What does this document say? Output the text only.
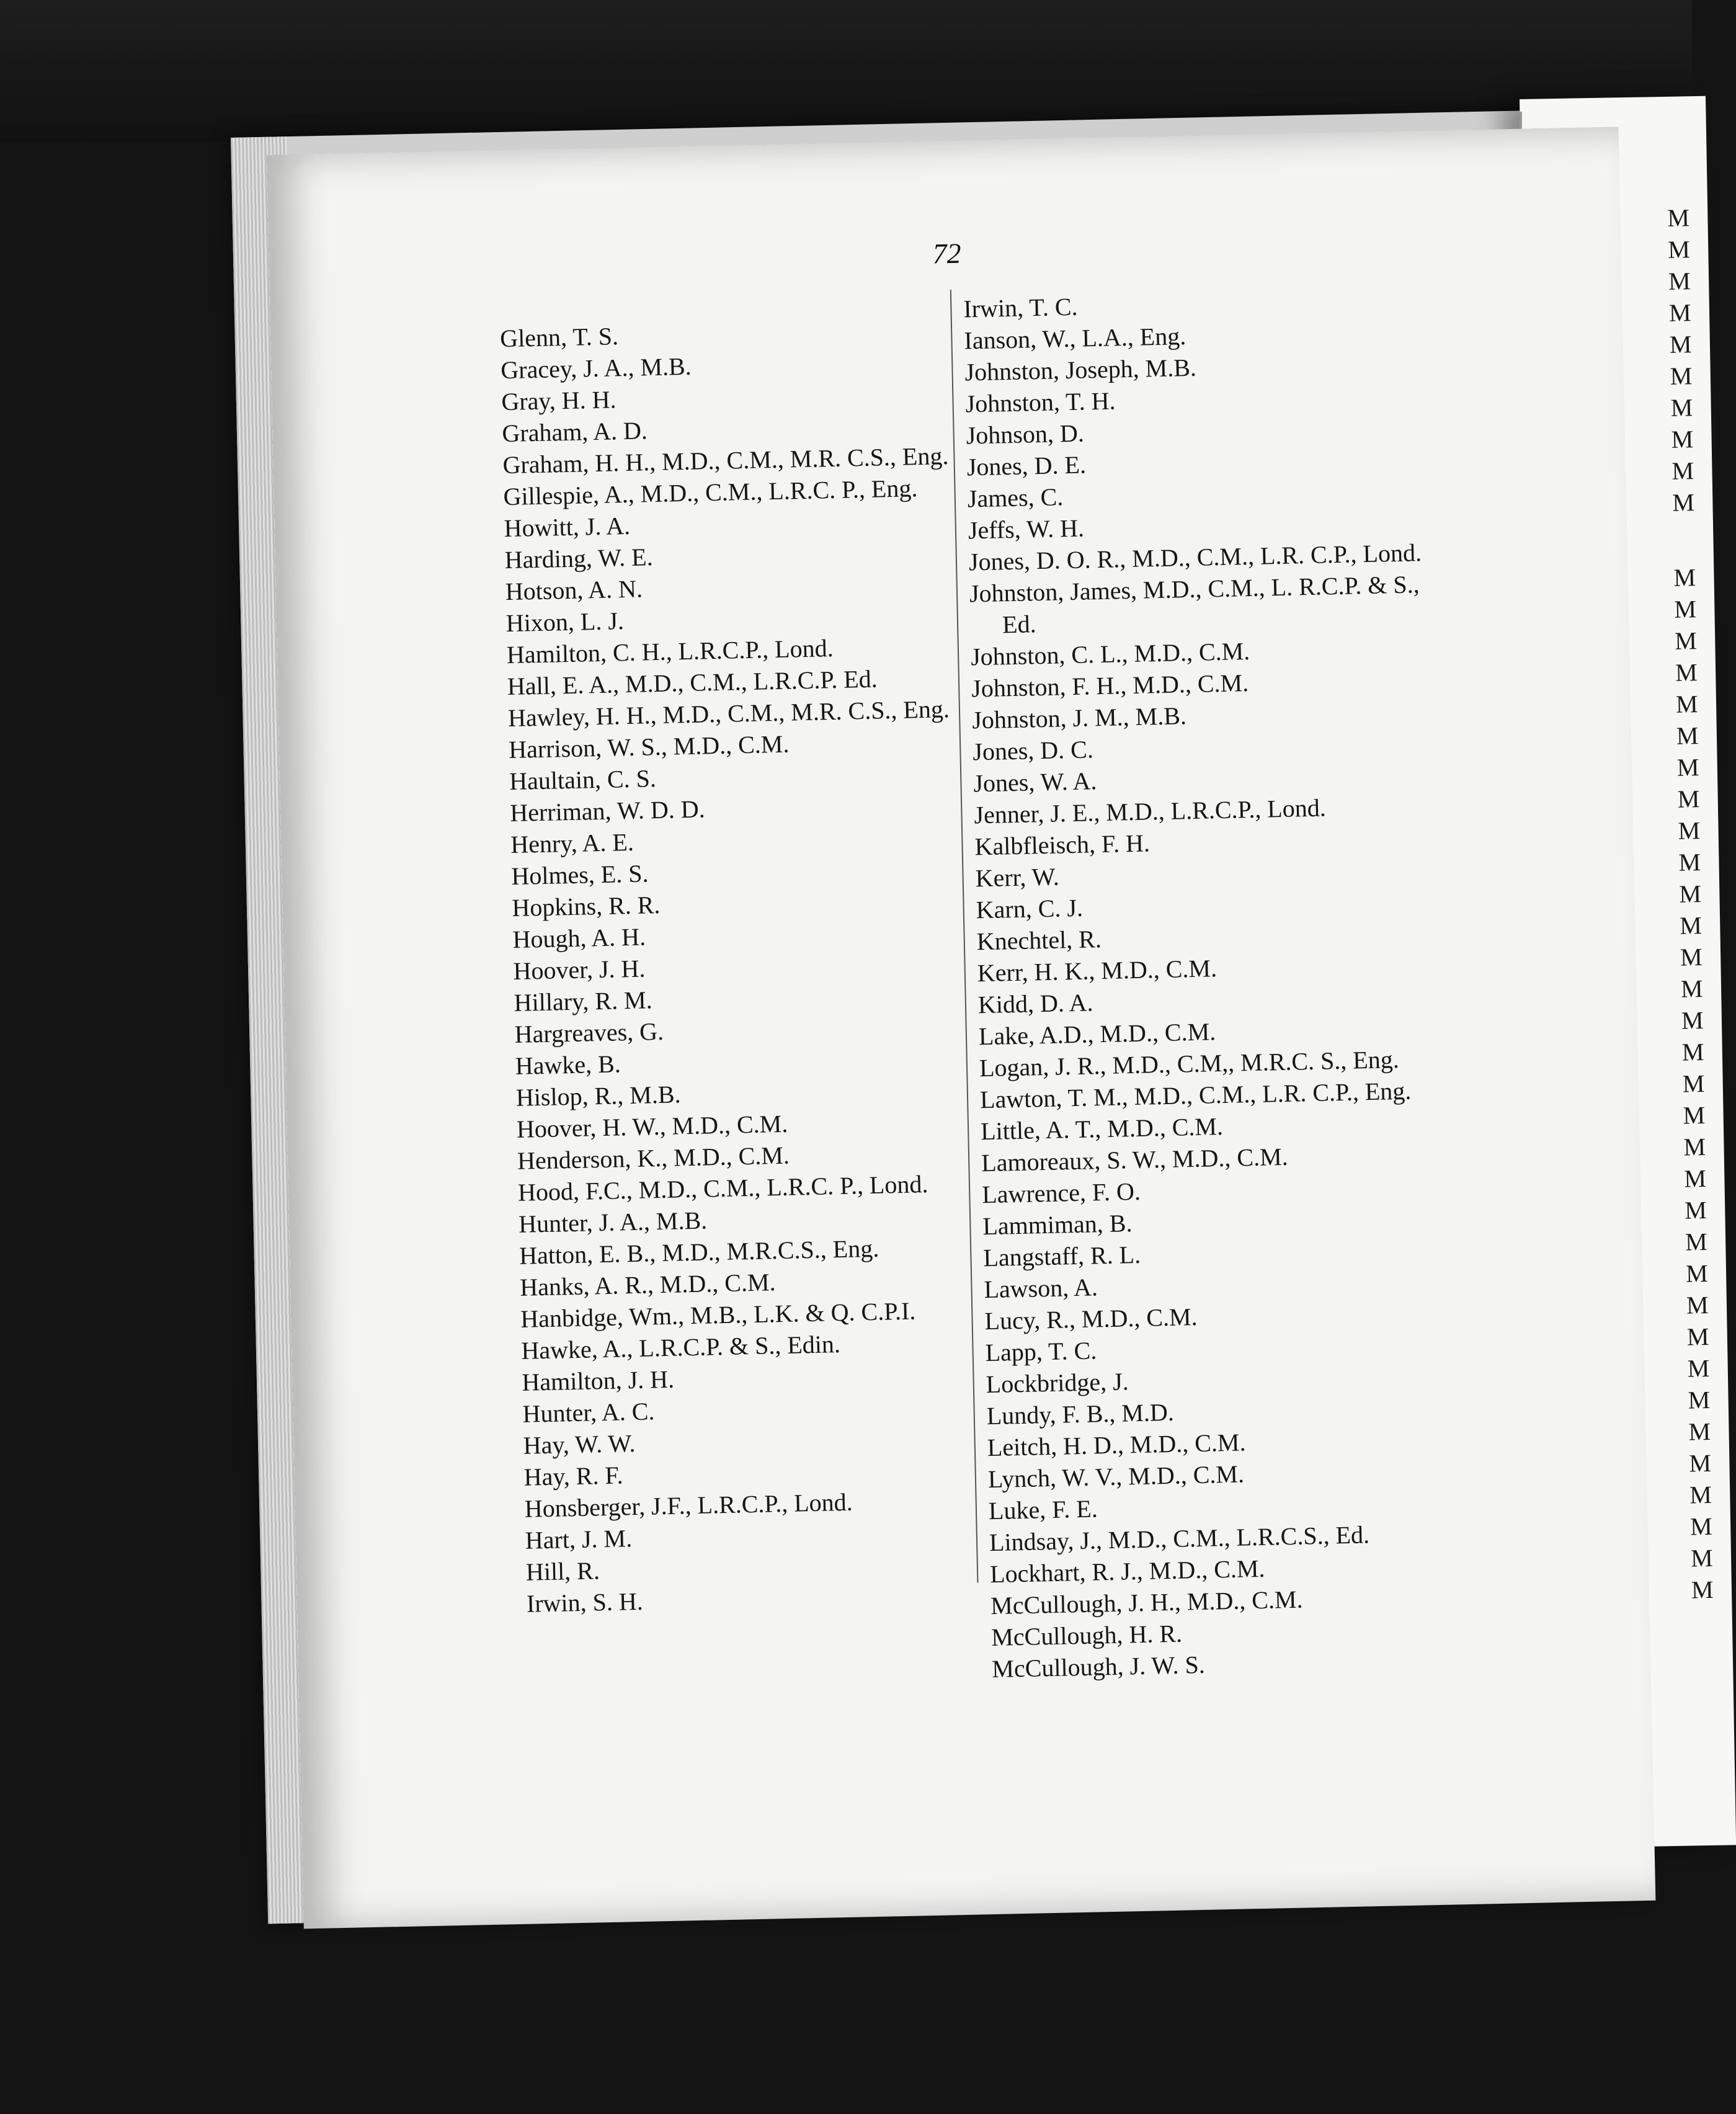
M
M
M
M
M
M
M
M
M
M
M
M
M
M
M
M
M
M
M
M
M
M
M
M
M
M
M
M
M
M
M
M
M
M
M
M
M
M
M
M
M
M
M
72

Glenn, T. S.

Gracey, J. A., M.B.

Gray, H. H.

Graham, A. D.

Graham, H. H., M.D., C.M., M.R. C.S., Eng.

Gillespie, A., M.D., C.M., L.R.C. P., Eng.

Howitt, J. A.

Harding, W. E.

Hotson, A. N.

Hixon, L. J.

Hamilton, C. H., L.R.C.P., Lond.

Hall, E. A., M.D., C.M., L.R.C.P. Ed.

Hawley, H. H., M.D., C.M., M.R. C.S., Eng.

Harrison, W. S., M.D., C.M.

Haultain, C. S.

Herriman, W. D. D.

Henry, A. E.

Holmes, E. S.

Hopkins, R. R.

Hough, A. H.

Hoover, J. H.

Hillary, R. M.

Hargreaves, G.

Hawke, B.

Hislop, R., M.B.

Hoover, H. W., M.D., C.M.

Henderson, K., M.D., C.M.

Hood, F.C., M.D., C.M., L.R.C. P., Lond.

Hunter, J. A., M.B.

Hatton, E. B., M.D., M.R.C.S., Eng.

Hanks, A. R., M.D., C.M.

Hanbidge, Wm., M.B., L.K. & Q. C.P.I.

Hawke, A., L.R.C.P. & S., Edin.

Hamilton, J. H.

Hunter, A. C.

Hay, W. W.

Hay, R. F.

Honsberger, J.F., L.R.C.P., Lond.

Hart, J. M.

Hill, R.

Irwin, S. H.

Irwin, T. C.

Ianson, W., L.A., Eng.

Johnston, Joseph, M.B.

Johnston, T. H.

Johnson, D.

Jones, D. E.

James, C.

Jeffs, W. H.

Jones, D. O. R., M.D., C.M., L.R. C.P., Lond.

Johnston, James, M.D., C.M., L. R.C.P. & S., Ed.

Johnston, C. L., M.D., C.M.

Johnston, F. H., M.D., C.M.

Johnston, J. M., M.B.

Jones, D. C.

Jones, W. A.

Jenner, J. E., M.D., L.R.C.P., Lond.

Kalbfleisch, F. H.

Kerr, W.

Karn, C. J.

Knechtel, R.

Kerr, H. K., M.D., C.M.

Kidd, D. A.

Lake, A.D., M.D., C.M.

Logan, J. R., M.D., C.M,, M.R.C. S., Eng.

Lawton, T. M., M.D., C.M., L.R. C.P., Eng.

Little, A. T., M.D., C.M.

Lamoreaux, S. W., M.D., C.M.

Lawrence, F. O.

Lammiman, B.

Langstaff, R. L.

Lawson, A.

Lucy, R., M.D., C.M.

Lapp, T. C.

Lockbridge, J.

Lundy, F. B., M.D.

Leitch, H. D., M.D., C.M.

Lynch, W. V., M.D., C.M.

Luke, F. E.

Lindsay, J., M.D., C.M., L.R.C.S., Ed.

Lockhart, R. J., M.D., C.M.

McCullough, J. H., M.D., C.M.

McCullough, H. R.

McCullough, J. W. S.
